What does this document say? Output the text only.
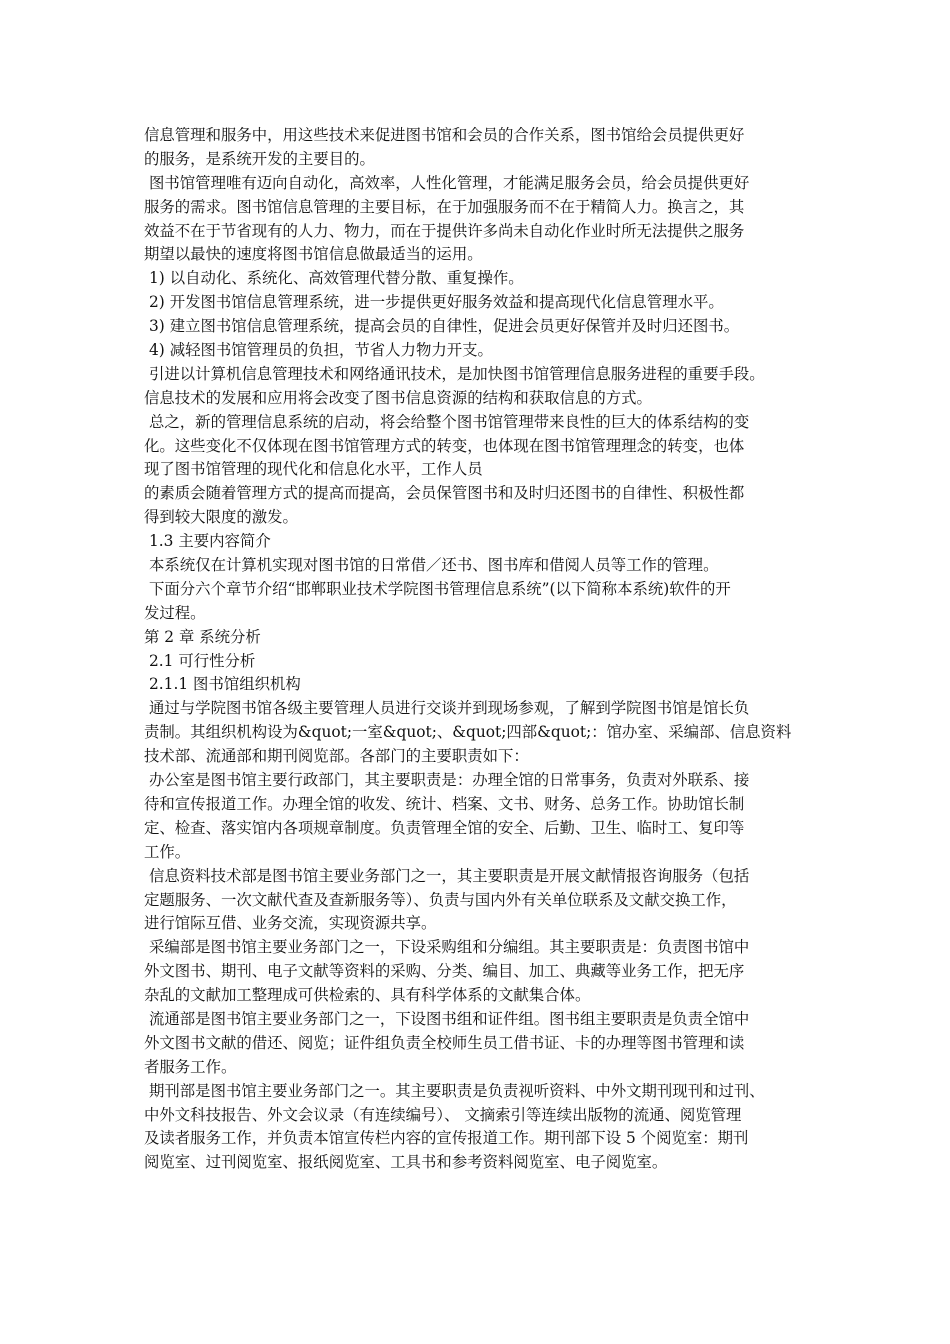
信息管理和服务中，用这些技术来促进图书馆和会员的合作关系，图书馆给会员提供更好
的服务，是系统开发的主要目的。
图书馆管理唯有迈向自动化，高效率，人性化管理，才能满足服务会员，给会员提供更好
服务的需求。图书馆信息管理的主要目标，在于加强服务而不在于精简人力。换言之，其
效益不在于节省现有的人力、物力，而在于提供许多尚未自动化作业时所无法提供之服务
期望以最快的速度将图书馆信息做最适当的运用。
1) 以自动化、系统化、高效管理代替分散、重复操作。
2) 开发图书馆信息管理系统，进一步提供更好服务效益和提高现代化信息管理水平。
3) 建立图书馆信息管理系统，提高会员的自律性，促进会员更好保管并及时归还图书。
4) 减轻图书馆管理员的负担，节省人力物力开支。
引进以计算机信息管理技术和网络通讯技术，是加快图书馆管理信息服务进程的重要手段。
信息技术的发展和应用将会改变了图书信息资源的结构和获取信息的方式。
总之，新的管理信息系统的启动，将会给整个图书馆管理带来良性的巨大的体系结构的变
化。这些变化不仅体现在图书馆管理方式的转变，也体现在图书馆管理理念的转变，也体
现了图书馆管理的现代化和信息化水平，工作人员
的素质会随着管理方式的提高而提高，会员保管图书和及时归还图书的自律性、积极性都
得到较大限度的激发。
1.3 主要内容简介
本系统仅在计算机实现对图书馆的日常借／还书、图书库和借阅人员等工作的管理。
下面分六个章节介绍“邯郸职业技术学院图书管理信息系统”(以下简称本系统)软件的开
发过程。
第 2 章 系统分析
2.1 可行性分析
2.1.1 图书馆组织机构
通过与学院图书馆各级主要管理人员进行交谈并到现场参观，了解到学院图书馆是馆长负
责制。其组织机构设为&quot;一室&quot;、&quot;四部&quot;：馆办室、采编部、信息资料
技术部、流通部和期刊阅览部。各部门的主要职责如下：
办公室是图书馆主要行政部门，其主要职责是：办理全馆的日常事务，负责对外联系、接
待和宣传报道工作。办理全馆的收发、统计、档案、文书、财务、总务工作。协助馆长制
定、检查、落实馆内各项规章制度。负责管理全馆的安全、后勤、卫生、临时工、复印等
工作。
信息资料技术部是图书馆主要业务部门之一，其主要职责是开展文献情报咨询服务（包括
定题服务、一次文献代查及查新服务等）、负责与国内外有关单位联系及文献交换工作，
进行馆际互借、业务交流，实现资源共享。
采编部是图书馆主要业务部门之一，下设采购组和分编组。其主要职责是：负责图书馆中
外文图书、期刊、电子文献等资料的采购、分类、编目、加工、典藏等业务工作，把无序
杂乱的文献加工整理成可供检索的、具有科学体系的文献集合体。
流通部是图书馆主要业务部门之一，下设图书组和证件组。图书组主要职责是负责全馆中
外文图书文献的借还、阅览；证件组负责全校师生员工借书证、卡的办理等图书管理和读
者服务工作。
期刊部是图书馆主要业务部门之一。其主要职责是负责视听资料、中外文期刊现刊和过刊、
中外文科技报告、外文会议录（有连续编号）、 文摘索引等连续出版物的流通、阅览管理
及读者服务工作，并负责本馆宣传栏内容的宣传报道工作。期刊部下设 5 个阅览室：期刊
阅览室、过刊阅览室、报纸阅览室、工具书和参考资料阅览室、电子阅览室。
